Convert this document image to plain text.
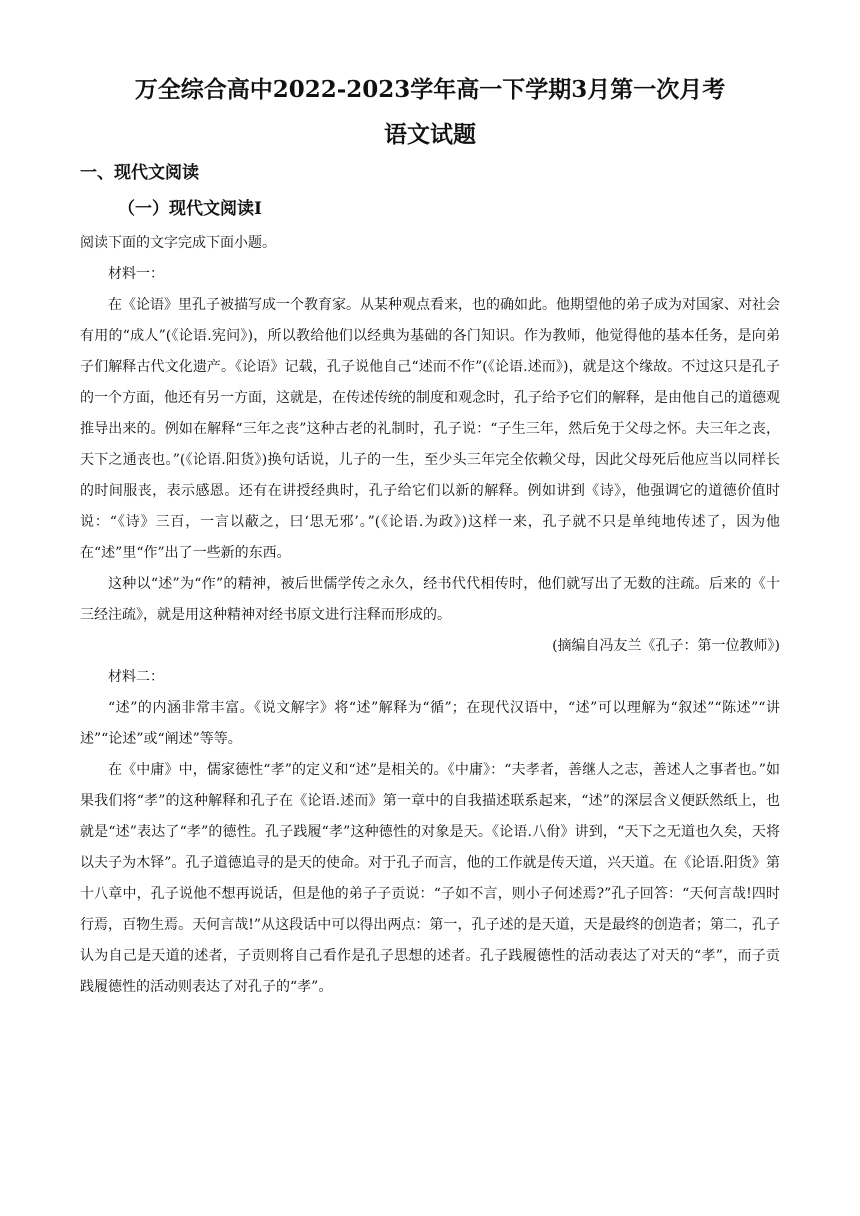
万全综合高中2022-2023学年高一下学期3月第一次月考
语文试题
一、现代文阅读
（一）现代文阅读Ⅰ

阅读下面的文字完成下面小题。

材料一：

在《论语》里孔子被描写成一个教育家。从某种观点看来，也的确如此。他期望他的弟子成为对国家、对社会有用的“成人”(《论语.宪问》)，所以教给他们以经典为基础的各门知识。作为教师，他觉得他的基本任务，是向弟子们解释古代文化遗产。《论语》记载，孔子说他自己“述而不作”(《论语.述而》)，就是这个缘故。不过这只是孔子的一个方面，他还有另一方面，这就是，在传述传统的制度和观念时，孔子给予它们的解释，是由他自己的道德观推导出来的。例如在解释“三年之丧”这种古老的礼制时，孔子说：“子生三年，然后免于父母之怀。夫三年之丧，天下之通丧也。”(《论语.阳货》)换句话说，儿子的一生，至少头三年完全依赖父母，因此父母死后他应当以同样长的时间服丧，表示感恩。还有在讲授经典时，孔子给它们以新的解释。例如讲到《诗》，他强调它的道德价值时说：“《诗》三百，一言以蔽之，曰‘思无邪’。”(《论语.为政》)这样一来，孔子就不只是单纯地传述了，因为他在“述”里“作”出了一些新的东西。

这种以“述”为“作”的精神，被后世儒学传之永久，经书代代相传时，他们就写出了无数的注疏。后来的《十三经注疏》，就是用这种精神对经书原文进行注释而形成的。

(摘编自冯友兰《孔子：第一位教师》)

材料二：

“述”的内涵非常丰富。《说文解字》将“述”解释为“循”；在现代汉语中，“述”可以理解为“叙述”“陈述”“讲述”“论述”或“阐述”等等。

在《中庸》中，儒家德性“孝”的定义和“述”是相关的。《中庸》：“夫孝者，善继人之志，善述人之事者也。”如果我们将“孝”的这种解释和孔子在《论语.述而》第一章中的自我描述联系起来，“述”的深层含义便跃然纸上，也就是“述”表达了“孝”的德性。孔子践履“孝”这种德性的对象是天。《论语.八佾》讲到，“天下之无道也久矣，天将以夫子为木铎”。孔子道德追寻的是天的使命。对于孔子而言，他的工作就是传天道，兴天道。在《论语.阳货》第十八章中，孔子说他不想再说话，但是他的弟子子贡说：“子如不言，则小子何述焉?”孔子回答：“天何言哉!四时行焉，百物生焉。天何言哉!”从这段话中可以得出两点：第一，孔子述的是天道，天是最终的创造者；第二，孔子认为自己是天道的述者，子贡则将自己看作是孔子思想的述者。孔子践履德性的活动表达了对天的“孝”，而子贡践履德性的活动则表达了对孔子的“孝”。
